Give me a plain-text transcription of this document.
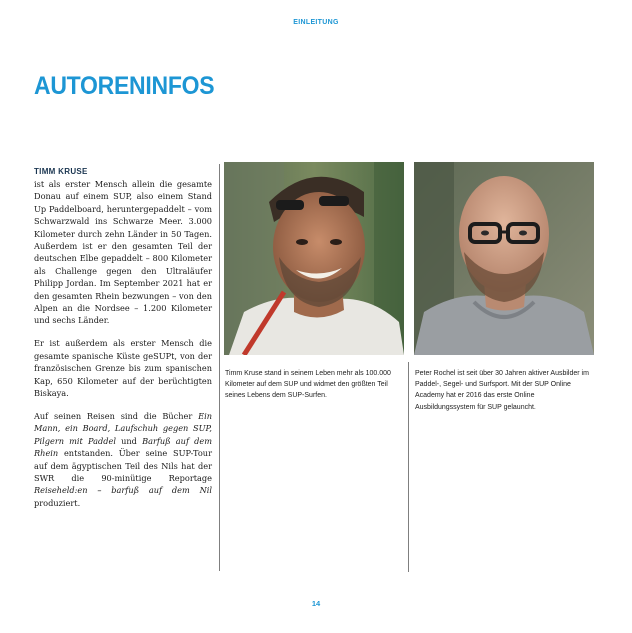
EINLEITUNG
AUTORENINFOS
TIMM KRUSE

ist als erster Mensch allein die gesamte Donau auf einem SUP, also einem Stand Up Paddelboard, heruntergepaddelt – vom Schwarzwald ins Schwarze Meer. 3.000 Kilometer durch zehn Länder in 50 Tagen. Außerdem ist er den gesamten Teil der deutschen Elbe gepaddelt – 800 Kilometer als Challenge gegen den Ultraläufer Philipp Jordan. Im September 2021 hat er den gesamten Rhein bezwungen – von den Alpen an die Nordsee – 1.200 Kilometer und sechs Länder.

Er ist außerdem als erster Mensch die gesamte spanische Küste geSUPt, von der französischen Grenze bis zum spanischen Kap, 650 Kilometer auf der berüchtigten Biskaya.

Auf seinen Reisen sind die Bücher Ein Mann, ein Board, Laufschuh gegen SUP, Pilgern mit Paddel und Barfuß auf dem Rhein entstanden. Über seine SUP-Tour auf dem ägyptischen Teil des Nils hat der SWR die 90-minütige Reportage Reiseheld:en – barfuß auf dem Nil produziert.

Timm Kruse stand in seinem Leben mehr als 100.000 Kilometer auf dem SUP und widmet den größten Teil seines Lebens dem SUP-Surfen.
Peter Rochel ist seit über 30 Jahren aktiver Ausbilder im Paddel-, Segel- und Surfsport. Mit der SUP Online Academy hat er 2016 das erste Online Ausbildungssystem für SUP gelauncht.
14
